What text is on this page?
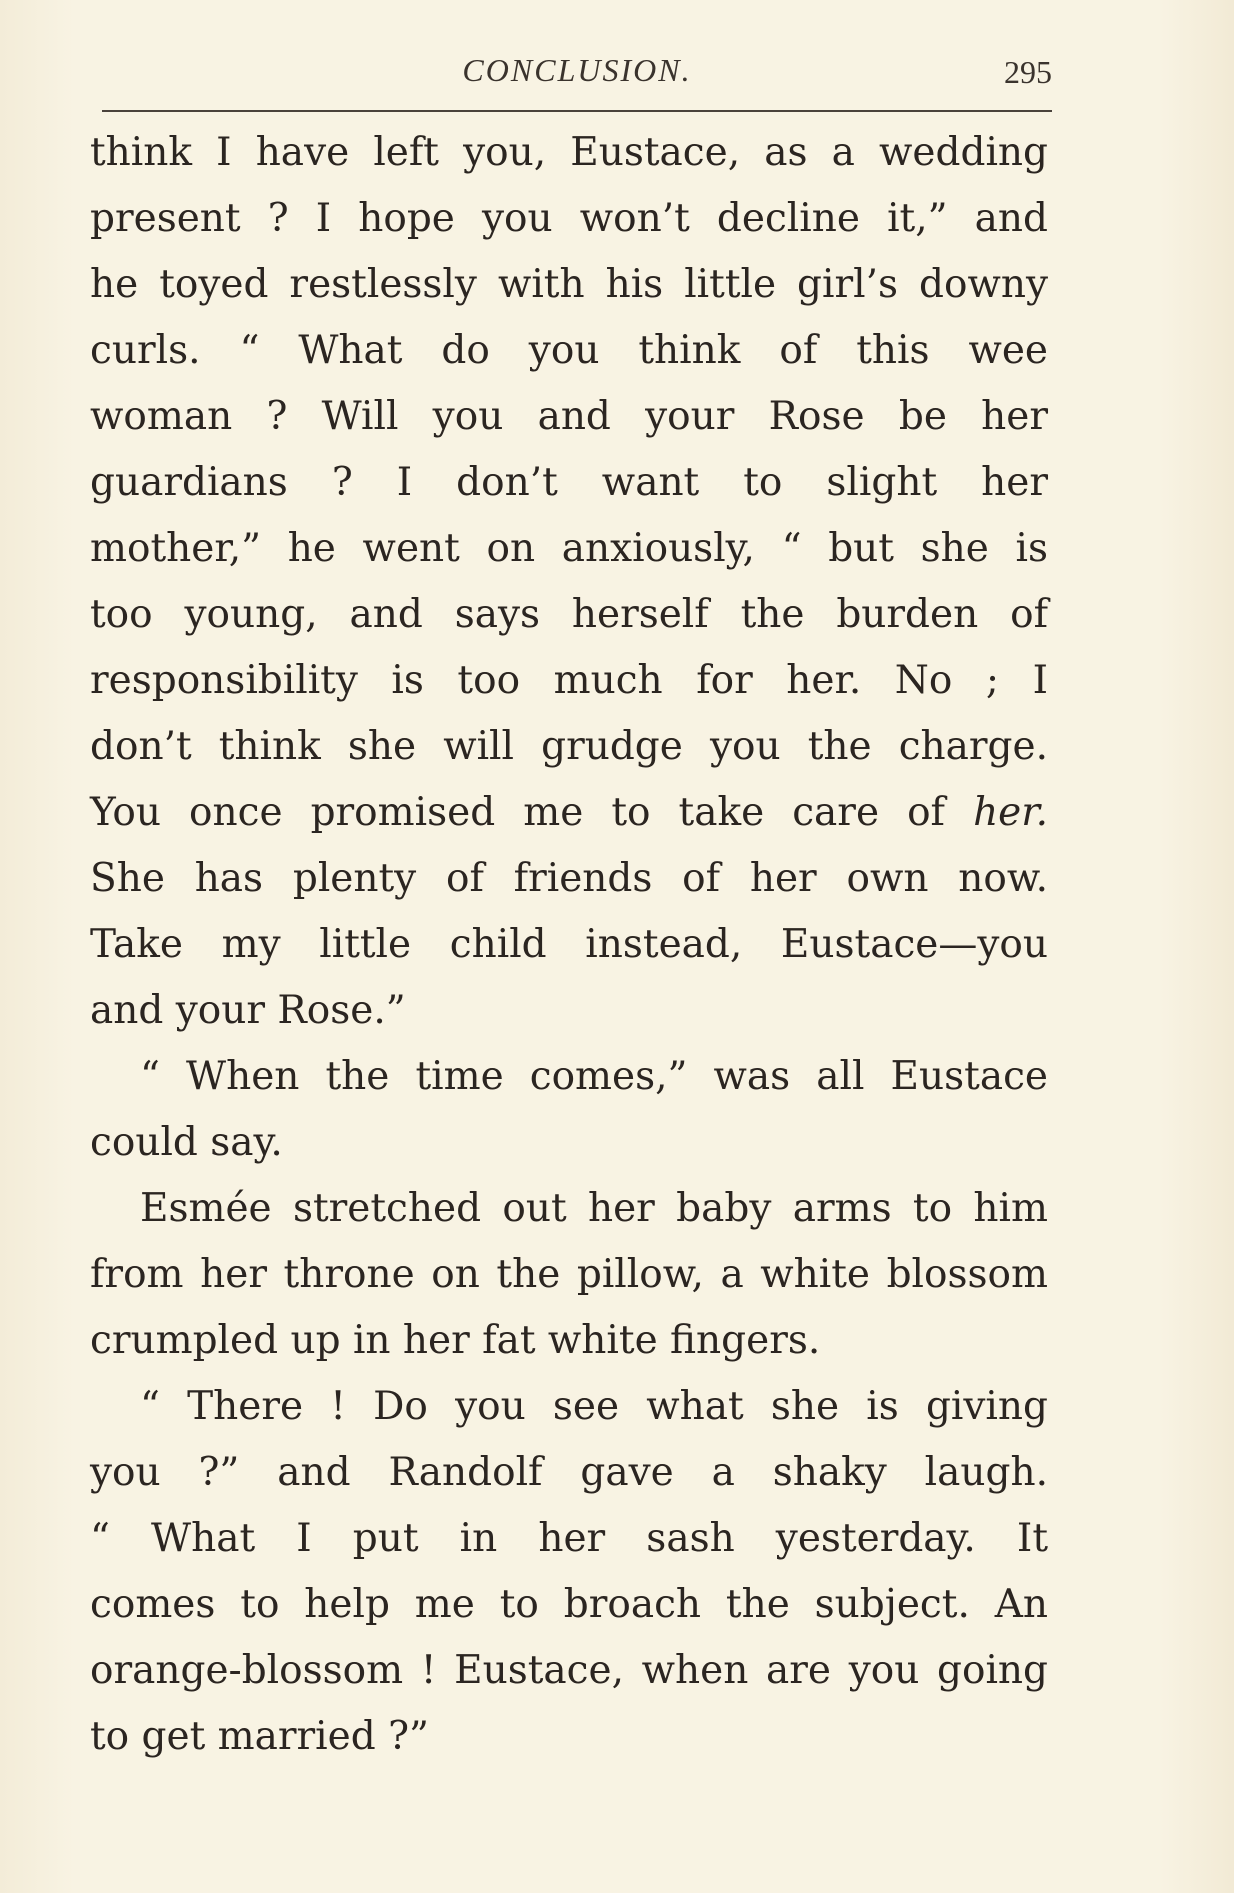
CONCLUSION.	295
think I have left you, Eustace, as a wedding
present ? I hope you won’t decline it,” and
he toyed restlessly with his little girl’s downy
curls. “ What do you think of this wee
woman ? Will you and your Rose be her
guardians ? I don’t want to slight her
mother,” he went on anxiously, “ but she is
too young, and says herself the burden of
responsibility is too much for her. No ; I
don’t think she will grudge you the charge.
You once promised me to take care of her.
She has plenty of friends of her own now.
Take my little child instead, Eustace—you
and your Rose.”
“ When the time comes,” was all Eustace
could say.
Esmée stretched out her baby arms to him
from her throne on the pillow, a white blossom
crumpled up in her fat white fingers.
“ There ! Do you see what she is giving
you ?” and Randolf gave a shaky laugh.
“ What I put in her sash yesterday. It
comes to help me to broach the subject. An
orange-blossom ! Eustace, when are you going
to get married ?”
